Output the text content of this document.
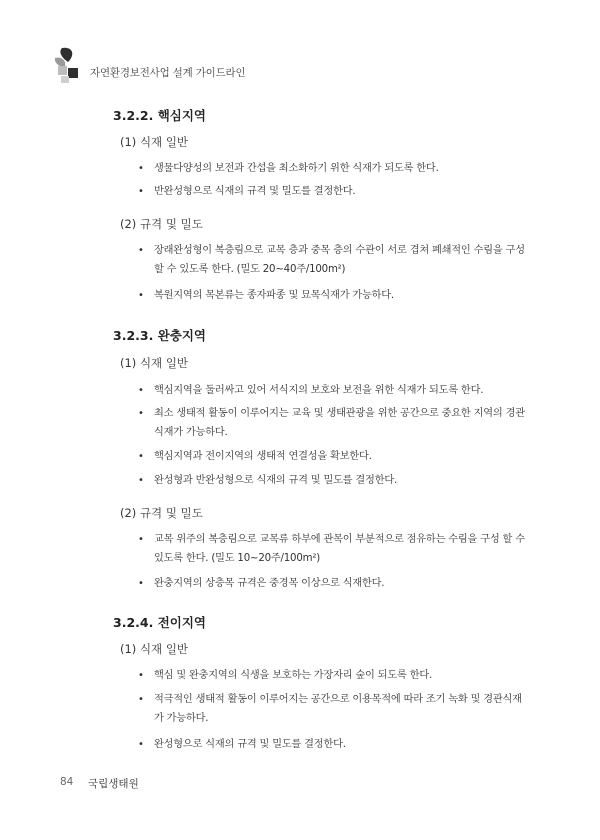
자연환경보전사업 설계 가이드라인
3.2.2. 핵심지역
(1) 식재 일반
• 생물다양성의 보전과 간섭을 최소화하기 위한 식재가 되도록 한다.
• 반완성형으로 식재의 규격 및 밀도를 결정한다.
(2) 규격 및 밀도
• 장래완성형이 복층림으로 교목 층과 중목 층의 수관이 서로 겹쳐 폐쇄적인 수림을 구성 할 수 있도록 한다. (밀도 20~40주/100m²)
• 복원지역의 목본류는 종자파종 및 묘목식재가 가능하다.
3.2.3. 완충지역
(1) 식재 일반
• 핵심지역을 둘러싸고 있어 서식지의 보호와 보전을 위한 식재가 되도록 한다.
• 최소 생태적 활동이 이루어지는 교육 및 생태관광을 위한 공간으로 중요한 지역의 경관 식재가 가능하다.
• 핵심지역과 전이지역의 생태적 연결성을 확보한다.
• 완성형과 반완성형으로 식재의 규격 및 밀도를 결정한다.
(2) 규격 및 밀도
• 교목 위주의 복층림으로 교목류 하부에 관목이 부분적으로 점유하는 수림을 구성 할 수 있도록 한다. (밀도 10~20주/100m²)
• 완충지역의 상층목 규격은 중경목 이상으로 식재한다.
3.2.4. 전이지역
(1) 식재 일반
• 핵심 및 완충지역의 식생을 보호하는 가장자리 숲이 되도록 한다.
• 적극적인 생태적 활동이 이루어지는 공간으로 이용목적에 따라 조기 녹화 및 경관식재가 가능하다.
• 완성형으로 식재의 규격 및 밀도를 결정한다.
84 국립생태원
